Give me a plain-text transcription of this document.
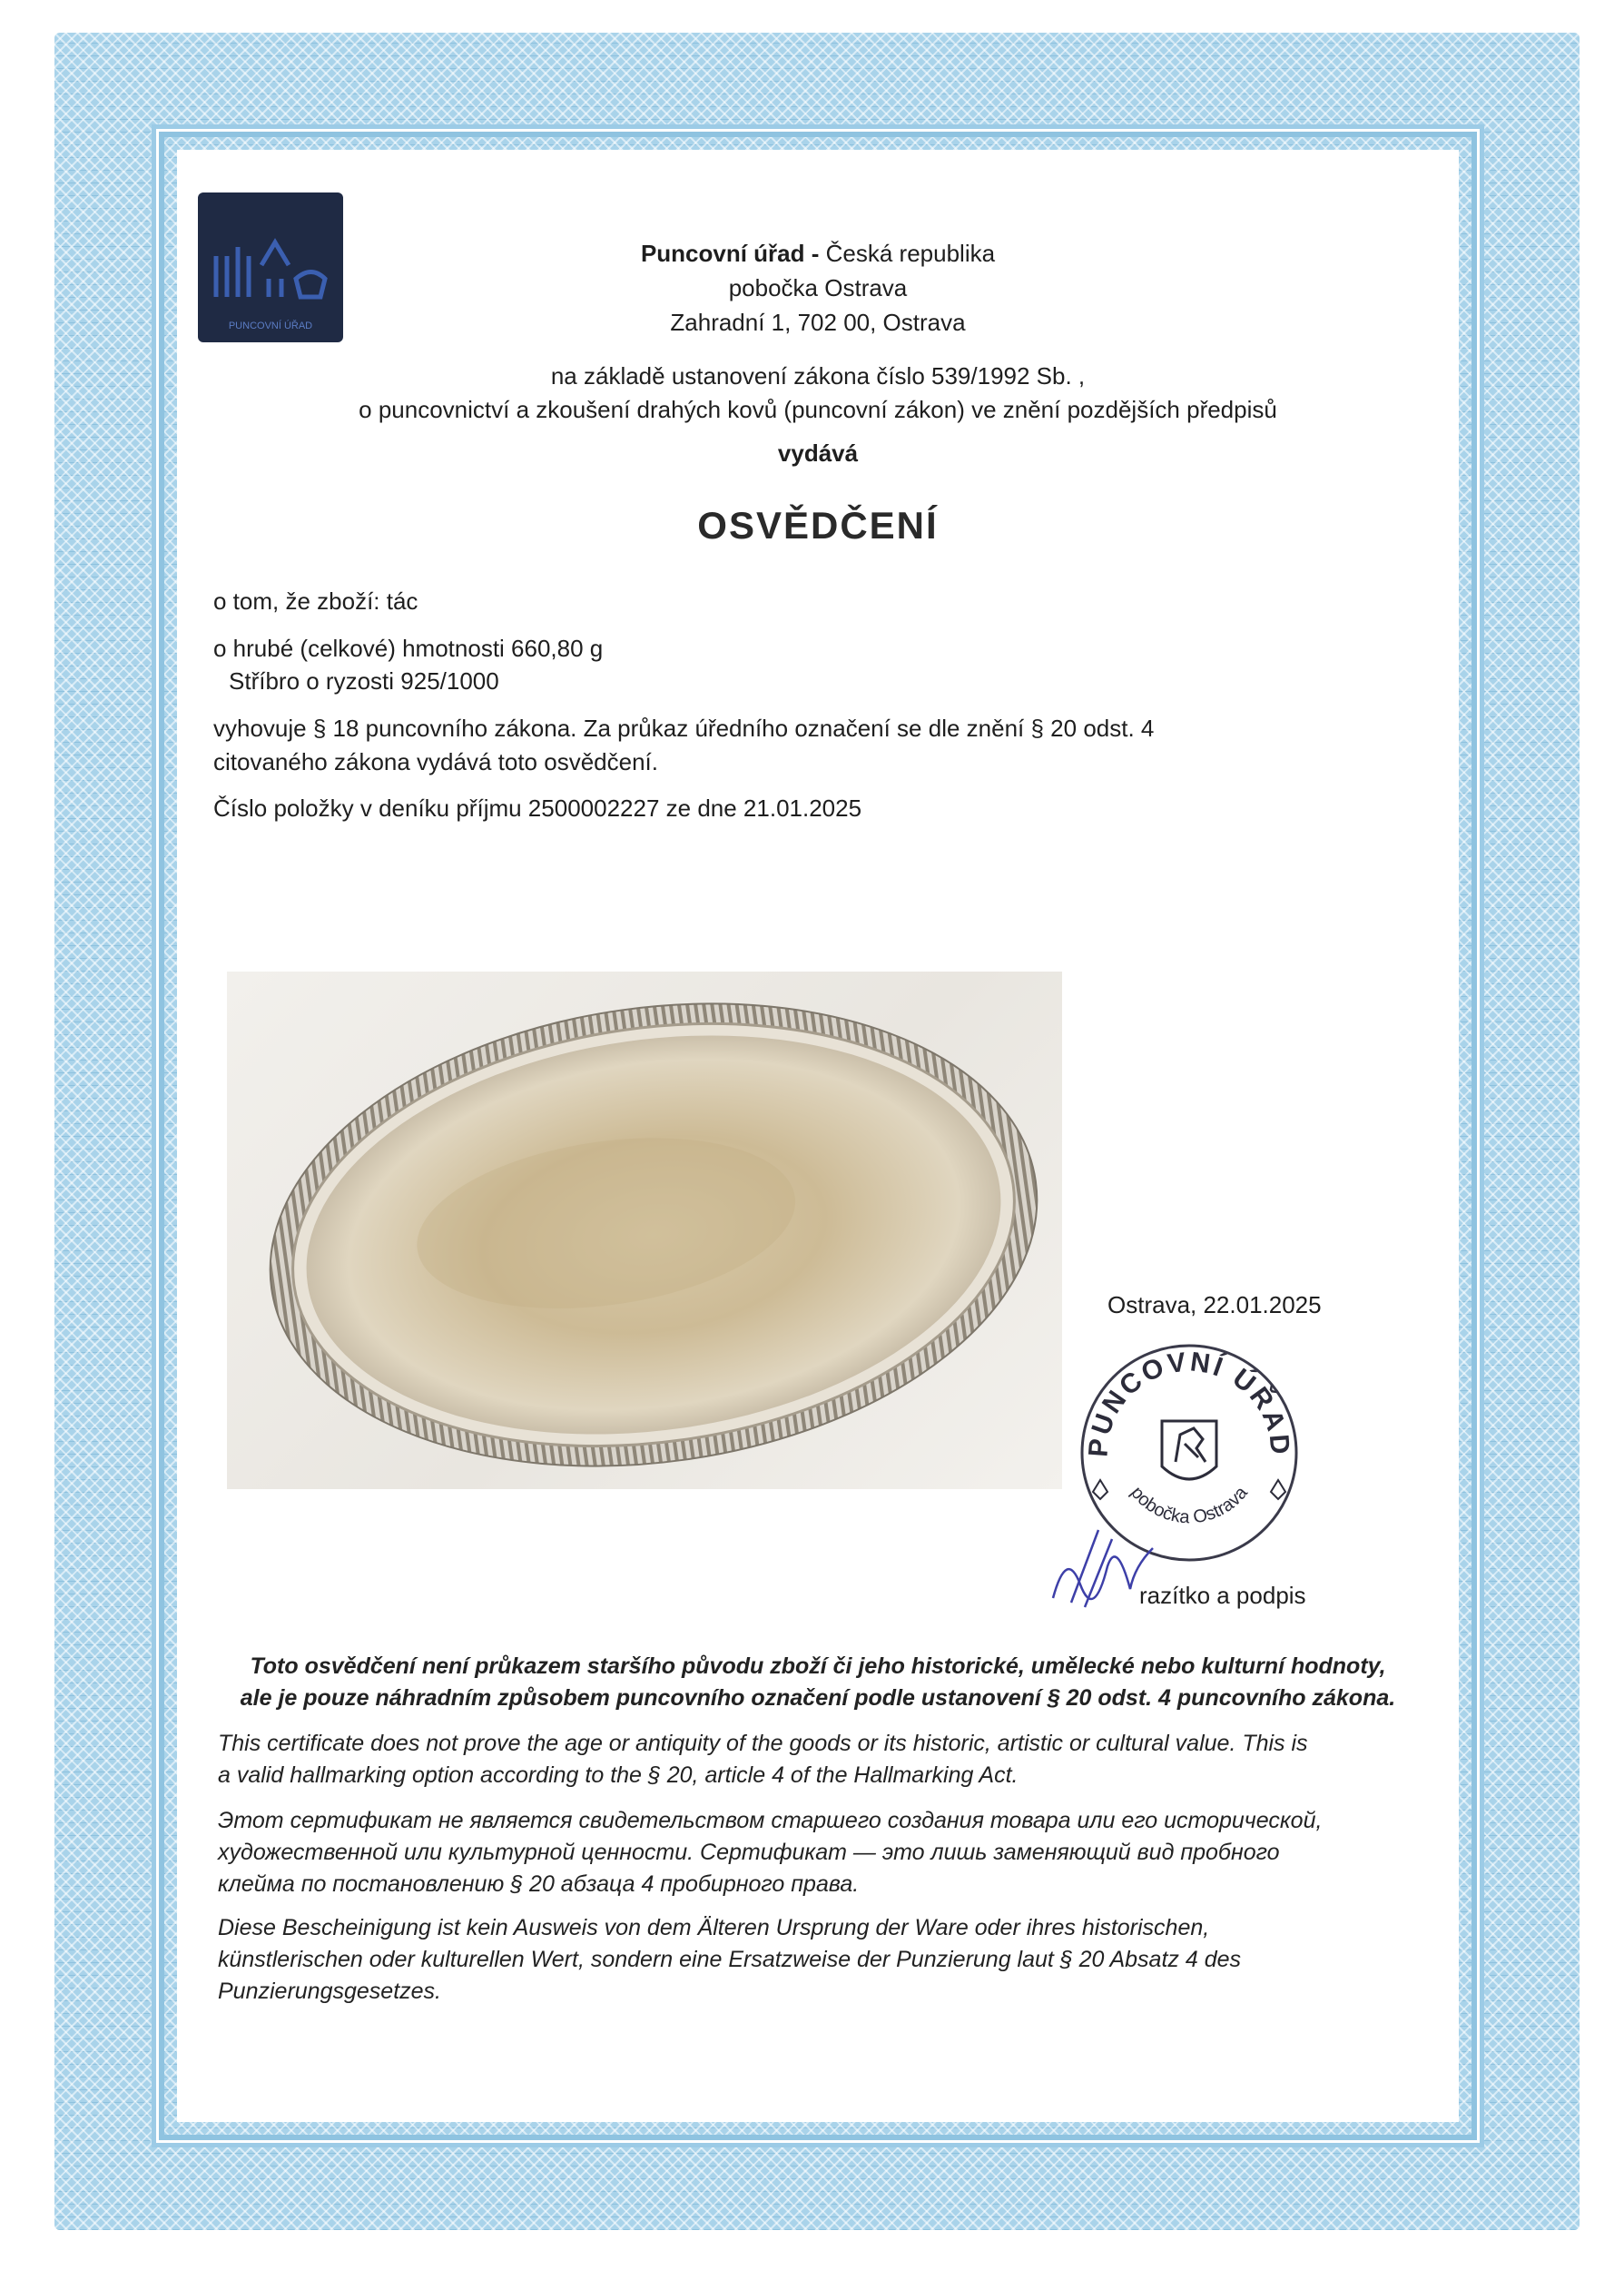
PUNCOVNÍ ÚŘAD
Puncovní úřad - Česká republika
pobočka Ostrava
Zahradní 1, 702 00, Ostrava
na základě ustanovení zákona číslo 539/1992 Sb. ,
o puncovnictví a zkoušení drahých kovů (puncovní zákon) ve znění pozdějších předpisů
vydává
OSVĚDČENÍ
o tom, že zboží: tác
o hrubé (celkové) hmotnosti 660,80 g
Stříbro o ryzosti 925/1000
vyhovuje § 18 puncovního zákona. Za průkaz úředního označení se dle znění § 20 odst. 4
citovaného zákona vydává toto osvědčení.
Číslo položky v deníku příjmu 2500002227 ze dne 21.01.2025
Ostrava, 22.01.2025
PUNCOVNÍ ÚŘAD
pobočka Ostrava
razítko a podpis
Toto osvědčení není průkazem staršího původu zboží či jeho historické, umělecké nebo kulturní hodnoty,
ale je pouze náhradním způsobem puncovního označení podle ustanovení § 20 odst. 4 puncovního zákona.
This certificate does not prove the age or antiquity of the goods or its historic, artistic or cultural value. This is
a valid hallmarking option according to the § 20, article 4 of the Hallmarking Act.
Этот сертификат не является свидетельством старшего создания товара или его исторической,
художественной или культурной ценности. Сертификат — это лишь заменяющий вид пробного
клейма по постановлению § 20 абзаца 4 пробирного права.
Diese Bescheinigung ist kein Ausweis von dem Älteren Ursprung der Ware oder ihres historischen,
künstlerischen oder kulturellen Wert, sondern eine Ersatzweise der Punzierung laut § 20 Absatz 4 des
Punzierungsgesetzes.
